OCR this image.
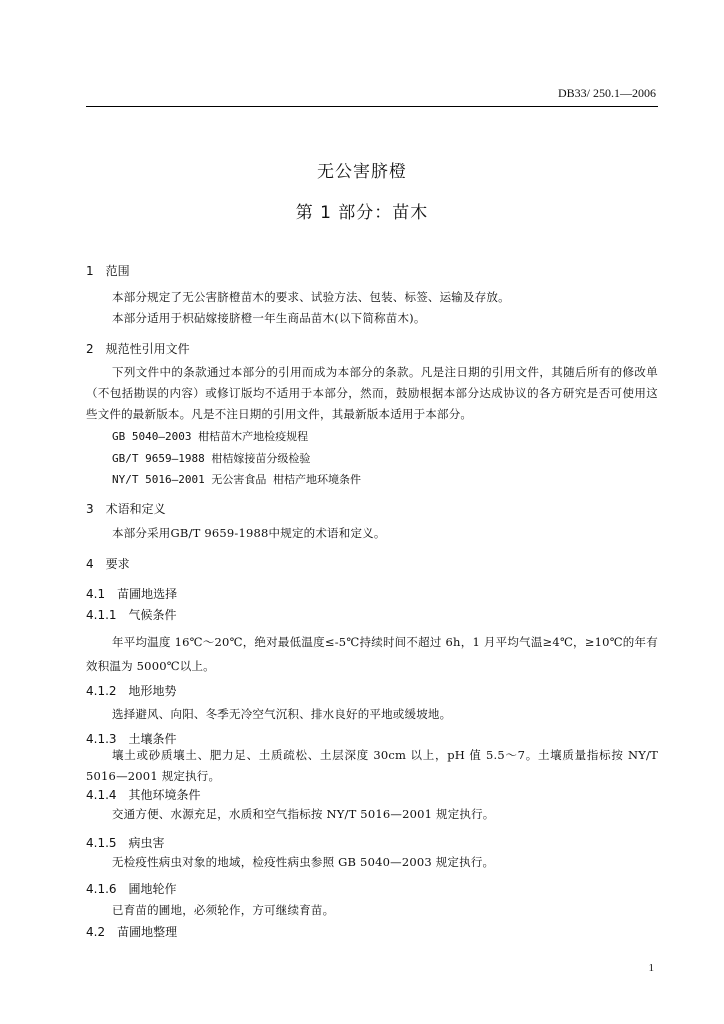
DB33/ 250.1—2006
无公害脐橙
第 1 部分：苗木
1 范围
本部分规定了无公害脐橙苗木的要求、试验方法、包装、标签、运输及存放。
本部分适用于枳砧嫁接脐橙一年生商品苗木(以下简称苗木)。
2 规范性引用文件
下列文件中的条款通过本部分的引用而成为本部分的条款。凡是注日期的引用文件，其随后所有的修改单（不包括勘误的内容）或修订版均不适用于本部分，然而，鼓励根据本部分达成协议的各方研究是否可使用这些文件的最新版本。凡是不注日期的引用文件，其最新版本适用于本部分。
GB 5040—2003 柑桔苗木产地检疫规程
GB/T 9659—1988 柑桔嫁接苗分级检验
NY/T 5016—2001 无公害食品 柑桔产地环境条件
3 术语和定义
本部分采用GB/T 9659-1988中规定的术语和定义。
4 要求
4.1 苗圃地选择
4.1.1 气候条件
年平均温度 16℃～20℃，绝对最低温度≤-5℃持续时间不超过 6h，1 月平均气温≥4℃，≥10℃的年有效积温为 5000℃以上。
4.1.2 地形地势
选择避风、向阳、冬季无冷空气沉积、排水良好的平地或缓坡地。
4.1.3 土壤条件
壤土或砂质壤土、肥力足、土质疏松、土层深度 30cm 以上，pH 值 5.5～7。土壤质量指标按 NY/T 5016—2001 规定执行。
4.1.4 其他环境条件
交通方便、水源充足，水质和空气指标按 NY/T 5016—2001 规定执行。
4.1.5 病虫害
无检疫性病虫对象的地域，检疫性病虫参照 GB 5040—2003 规定执行。
4.1.6 圃地轮作
已育苗的圃地，必须轮作，方可继续育苗。
4.2 苗圃地整理
1
